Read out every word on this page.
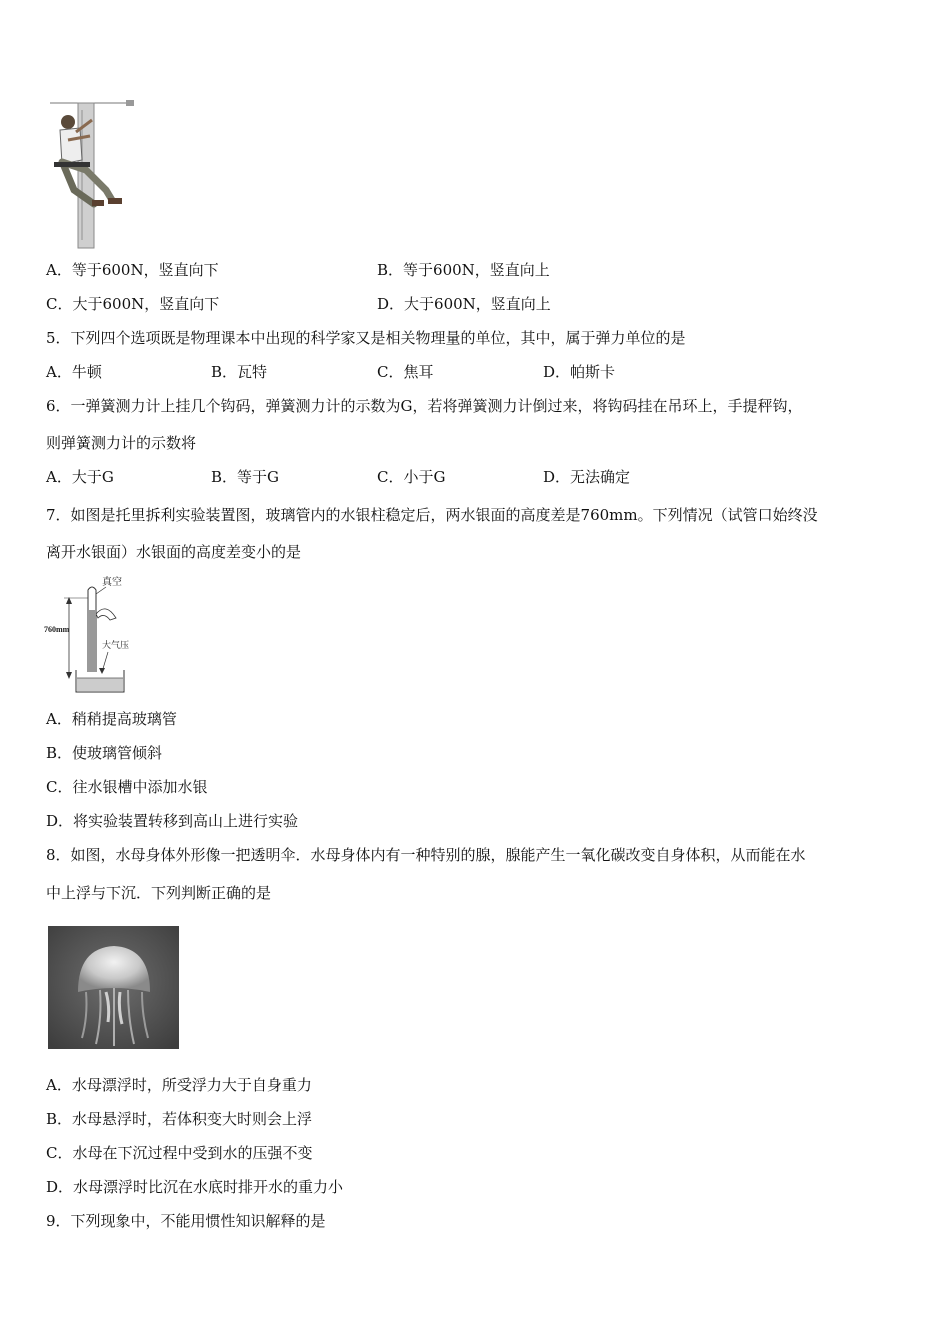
A．等于600N，竖直向下	B．等于600N，竖直向上
C．大于600N，竖直向下	D．大于600N，竖直向上
5．下列四个选项既是物理课本中出现的科学家又是相关物理量的单位，其中，属于弹力单位的是
A．牛顿	B．瓦特	C．焦耳	D．帕斯卡
6．一弹簧测力计上挂几个钩码，弹簧测力计的示数为G，若将弹簧测力计倒过来，将钩码挂在吊环上，手提秤钩，
则弹簧测力计的示数将
A．大于G	B．等于G	C．小于G	D．无法确定
7．如图是托里拆利实验装置图，玻璃管内的水银柱稳定后，两水银面的高度差是760mm。下列情况（试管口始终没
离开水银面）水银面的高度差变小的是
真空
760mm
大气压
A．稍稍提高玻璃管
B．使玻璃管倾斜
C．往水银槽中添加水银
D．将实验装置转移到高山上进行实验
8．如图，水母身体外形像一把透明伞．水母身体内有一种特别的腺，腺能产生一氧化碳改变自身体积，从而能在水
中上浮与下沉．下列判断正确的是
A．水母漂浮时，所受浮力大于自身重力
B．水母悬浮时，若体积变大时则会上浮
C．水母在下沉过程中受到水的压强不变
D．水母漂浮时比沉在水底时排开水的重力小
9．下列现象中，不能用惯性知识解释的是
